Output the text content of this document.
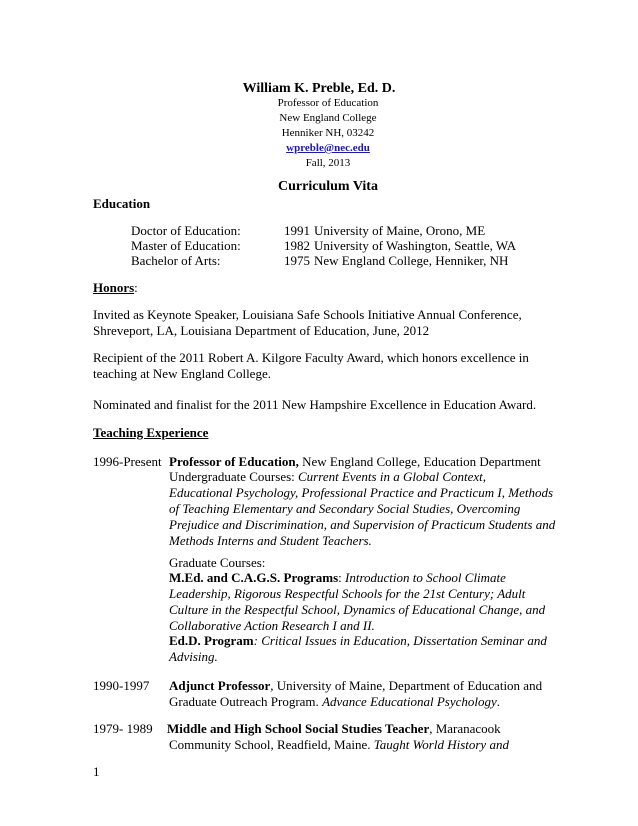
William K. Preble, Ed. D.
Professor of Education
New England College
Henniker NH, 03242
wpreble@nec.edu
Fall, 2013
Curriculum Vita
Education
Doctor of Education:	1991 University of Maine, Orono, ME
Master of Education:	1982 University of Washington, Seattle, WA
Bachelor of Arts:	1975 New England College, Henniker, NH
Honors:
Invited as Keynote Speaker, Louisiana Safe Schools Initiative Annual Conference,
Shreveport, LA, Louisiana Department of Education, June, 2012
Recipient of the 2011 Robert A. Kilgore Faculty Award, which honors excellence in
teaching at New England College.
Nominated and finalist for the 2011 New Hampshire Excellence in Education Award.
Teaching Experience
1996-Present Professor of Education, New England College, Education Department
Undergraduate Courses: Current Events in a Global Context,
Educational Psychology, Professional Practice and Practicum I, Methods
of Teaching Elementary and Secondary Social Studies, Overcoming
Prejudice and Discrimination, and Supervision of Practicum Students and
Methods Interns and Student Teachers.
Graduate Courses:
M.Ed. and C.A.G.S. Programs: Introduction to School Climate
Leadership, Rigorous Respectful Schools for the 21st Century; Adult
Culture in the Respectful School, Dynamics of Educational Change, and
Collaborative Action Research I and II.
Ed.D. Program: Critical Issues in Education, Dissertation Seminar and
Advising.
1990-1997 Adjunct Professor, University of Maine, Department of Education and
Graduate Outreach Program. Advance Educational Psychology.
1979- 1989 Middle and High School Social Studies Teacher, Maranacook
Community School, Readfield, Maine. Taught World History and
1
